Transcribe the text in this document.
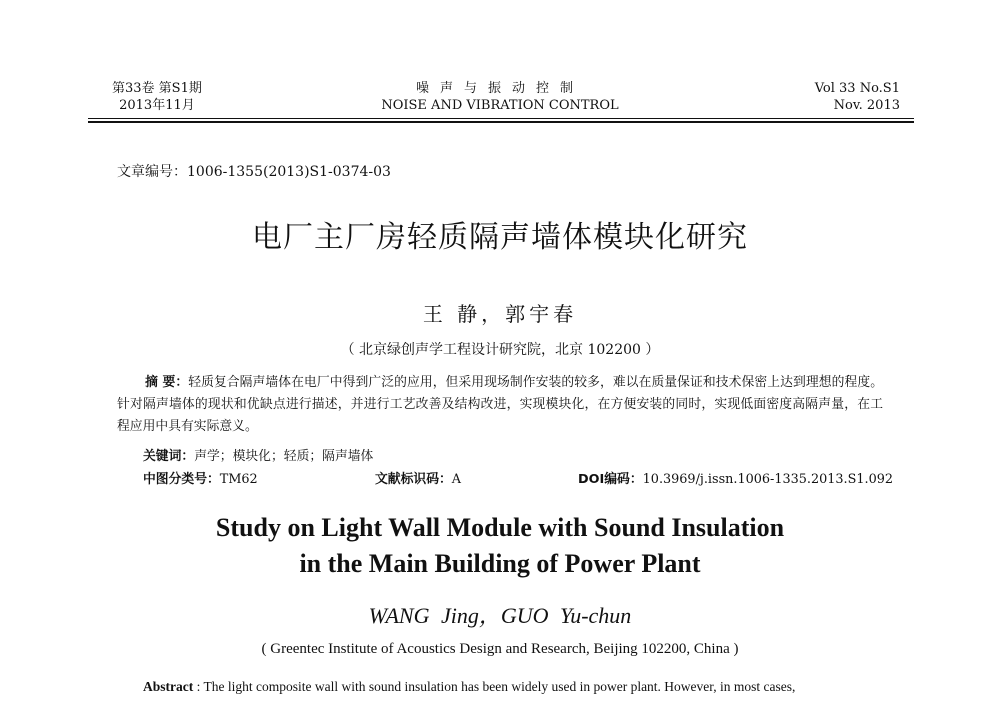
第33卷 第S1期
2013年11月
噪声与振动控制
NOISE AND VIBRATION CONTROL
Vol 33 No.S1
Nov. 2013
文章编号：1006-1355(2013)S1-0374-03
电厂主厂房轻质隔声墙体模块化研究
王 静，郭宇春
（ 北京绿创声学工程设计研究院，北京 102200 ）
摘 要：轻质复合隔声墙体在电厂中得到广泛的应用，但采用现场制作安装的较多，难以在质量保证和技术保密上达到理想的程度。针对隔声墙体的现状和优缺点进行描述，并进行工艺改善及结构改进，实现模块化，在方便安装的同时，实现低面密度高隔声量，在工程应用中具有实际意义。
关键词：声学；模块化；轻质；隔声墙体
中图分类号：TM62	文献标识码：A	DOI编码：10.3969/j.issn.1006-1335.2013.S1.092
Study on Light Wall Module with Sound Insulation
in the Main Building of Power Plant
WANG Jing，GUO Yu-chun
( Greentec Institute of Acoustics Design and Research, Beijing 102200, China )
Abstract : The light composite wall with sound insulation has been widely used in power plant. However, in most cases,
